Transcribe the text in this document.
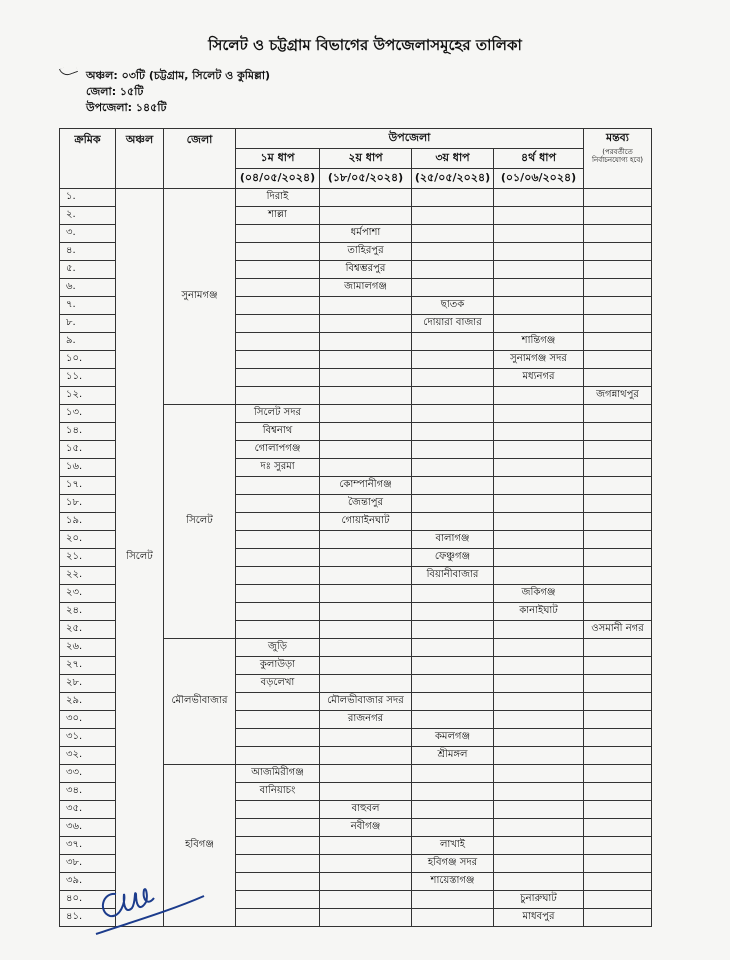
সিলেট ও চট্টগ্রাম বিভাগের উপজেলাসমূহের তালিকা
অঞ্চল: ০৩টি (চট্টগ্রাম, সিলেট ও কুমিল্লা)
জেলা: ১৫টি
উপজেলা: ১৪৫টি
ক্রমিক	অঞ্চল	জেলা	উপজেলা				মন্তব্য
(পরবর্তীতে নির্বাচনযোগ্য হবে)

			১ম ধাপ	২য় ধাপ	৩য় ধাপ	৪র্থ ধাপ	
			(০৪/০৫/২০২৪)	(১৮/০৫/২০২৪)	(২৫/০৫/২০২৪)	(০১/০৬/২০২৪)	
১.	সিলেট	সুনামগঞ্জ	দিরাই				
২.			শাল্লা				
৩.				ধর্মপাশা			
৪.				তাহিরপুর			
৫.				বিশ্বম্ভরপুর			
৬.				জামালগঞ্জ			
৭.					ছাতক		
৮.					দোয়ারা বাজার		
৯.						শান্তিগঞ্জ	
১০.						সুনামগঞ্জ সদর	
১১.						মধ্যনগর	
১২.							জগন্নাথপুর
১৩.		সিলেট	সিলেট সদর				
১৪.			বিশ্বনাথ				
১৫.			গোলাপগঞ্জ				
১৬.			দঃ সুরমা				
১৭.				কোম্পানীগঞ্জ			
১৮.				জৈন্তাপুর			
১৯.				গোয়াইনঘাট			
২০.					বালাগঞ্জ		
২১.					ফেঞ্চুগঞ্জ		
২২.					বিয়ানীবাজার		
২৩.						জকিগঞ্জ	
২৪.						কানাইঘাট	
২৫.							ওসমানী নগর
২৬.		মৌলভীবাজার	জুড়ি				
২৭.			কুলাউড়া				
২৮.			বড়লেখা				
২৯.				মৌলভীবাজার সদর			
৩০.				রাজনগর			
৩১.					কমলগঞ্জ		
৩২.					শ্রীমঙ্গল		
৩৩.		হবিগঞ্জ	আজমিরীগঞ্জ				
৩৪.			বানিয়াচং				
৩৫.				বাহুবল			
৩৬.				নবীগঞ্জ			
৩৭.					লাখাই		
৩৮.					হবিগঞ্জ সদর		
৩৯.					শায়েস্তাগঞ্জ		
৪০.						চুনারুঘাট	
৪১.						মাধবপুর	
